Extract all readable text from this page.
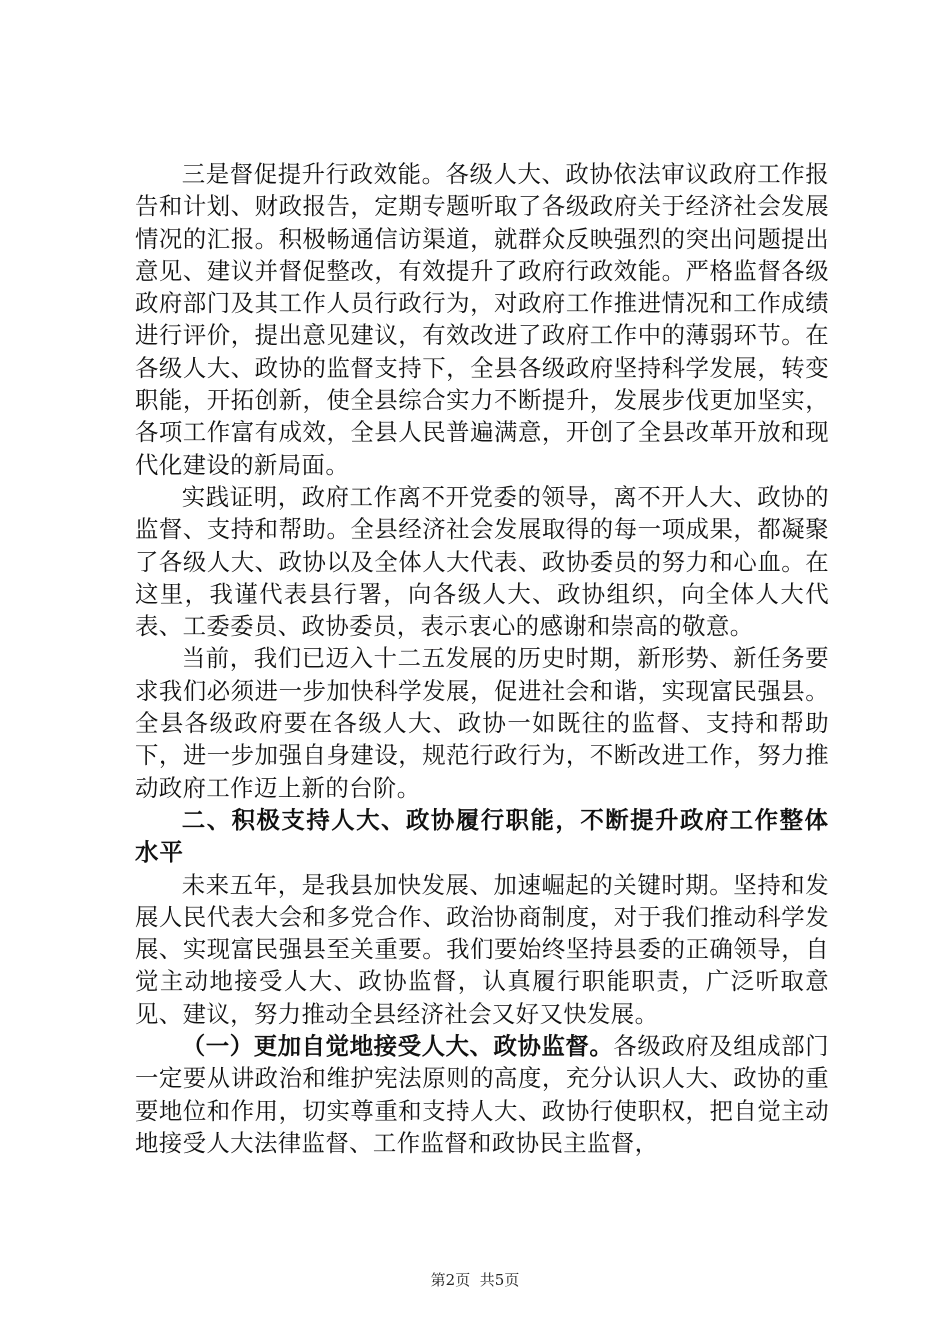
三是督促提升行政效能。各级人大、政协依法审议政府工作报告和计划、财政报告，定期专题听取了各级政府关于经济社会发展情况的汇报。积极畅通信访渠道，就群众反映强烈的突出问题提出意见、建议并督促整改，有效提升了政府行政效能。严格监督各级政府部门及其工作人员行政行为，对政府工作推进情况和工作成绩进行评价，提出意见建议，有效改进了政府工作中的薄弱环节。在各级人大、政协的监督支持下，全县各级政府坚持科学发展，转变职能，开拓创新，使全县综合实力不断提升，发展步伐更加坚实，各项工作富有成效，全县人民普遍满意，开创了全县改革开放和现代化建设的新局面。

实践证明，政府工作离不开党委的领导，离不开人大、政协的监督、支持和帮助。全县经济社会发展取得的每一项成果，都凝聚了各级人大、政协以及全体人大代表、政协委员的努力和心血。在这里，我谨代表县行署，向各级人大、政协组织，向全体人大代表、工委委员、政协委员，表示衷心的感谢和崇高的敬意。

当前，我们已迈入十二五发展的历史时期，新形势、新任务要求我们必须进一步加快科学发展，促进社会和谐，实现富民强县。全县各级政府要在各级人大、政协一如既往的监督、支持和帮助下，进一步加强自身建设，规范行政行为，不断改进工作，努力推动政府工作迈上新的台阶。

二、积极支持人大、政协履行职能，不断提升政府工作整体水平

未来五年，是我县加快发展、加速崛起的关键时期。坚持和发展人民代表大会和多党合作、政治协商制度，对于我们推动科学发展、实现富民强县至关重要。我们要始终坚持县委的正确领导，自觉主动地接受人大、政协监督，认真履行职能职责，广泛听取意见、建议，努力推动全县经济社会又好又快发展。

（一）更加自觉地接受人大、政协监督。各级政府及组成部门一定要从讲政治和维护宪法原则的高度，充分认识人大、政协的重要地位和作用，切实尊重和支持人大、政协行使职权，把自觉主动地接受人大法律监督、工作监督和政协民主监督，

第2页  共5页
